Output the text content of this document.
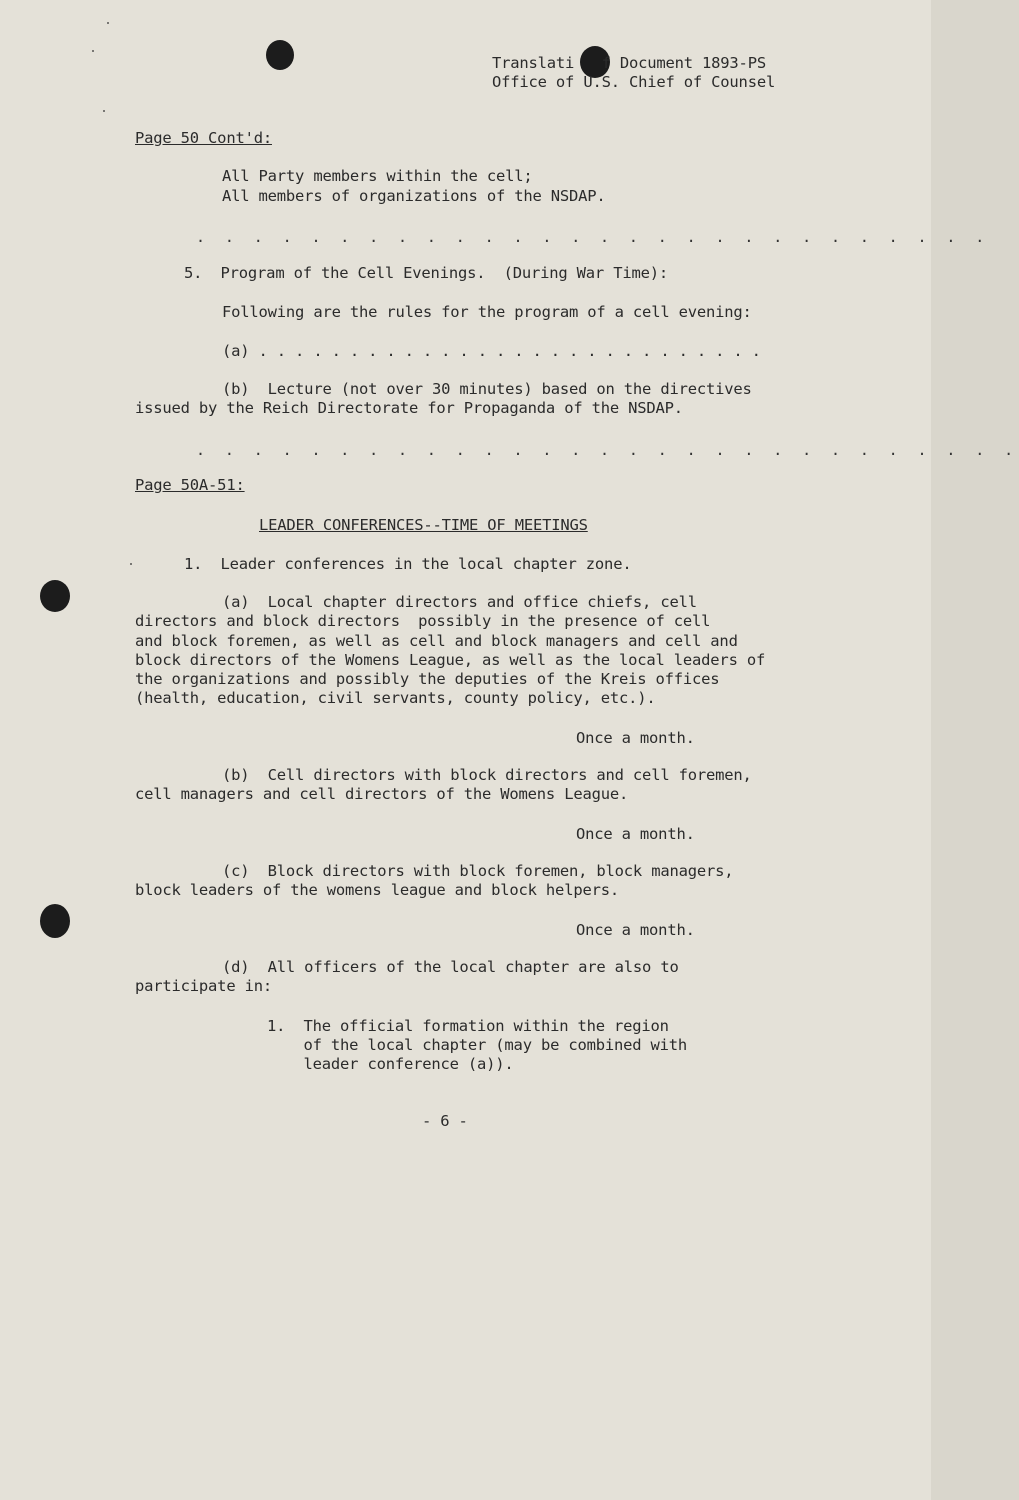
Translati   f Document 1893-PS
Office of U.S. Chief of Counsel
Page 50 Cont'd:
All Party members within the cell;
All members of organizations of the NSDAP.
. . . . . . . . . . . . . . . . . . . . . . . . . . . .
5.  Program of the Cell Evenings.  (During War Time):
Following are the rules for the program of a cell evening:
(a) . . . . . . . . . . . . . . . . . . . . . . . . . . . .
(b)  Lecture (not over 30 minutes) based on the directives
issued by the Reich Directorate for Propaganda of the NSDAP.
. . . . . . . . . . . . . . . . . . . . . . . . . . . . .
Page 50A-51:
LEADER CONFERENCES--TIME OF MEETINGS
1.  Leader conferences in the local chapter zone.
(a)  Local chapter directors and office chiefs, cell
directors and block directors  possibly in the presence of cell
and block foremen, as well as cell and block managers and cell and
block directors of the Womens League, as well as the local leaders of
the organizations and possibly the deputies of the Kreis offices
(health, education, civil servants, county policy, etc.).
Once a month.
(b)  Cell directors with block directors and cell foremen,
cell managers and cell directors of the Womens League.
Once a month.
(c)  Block directors with block foremen, block managers,
block leaders of the womens league and block helpers.
Once a month.
(d)  All officers of the local chapter are also to
participate in:
1.  The official formation within the region
of the local chapter (may be combined with
leader conference (a)).
- 6 -
